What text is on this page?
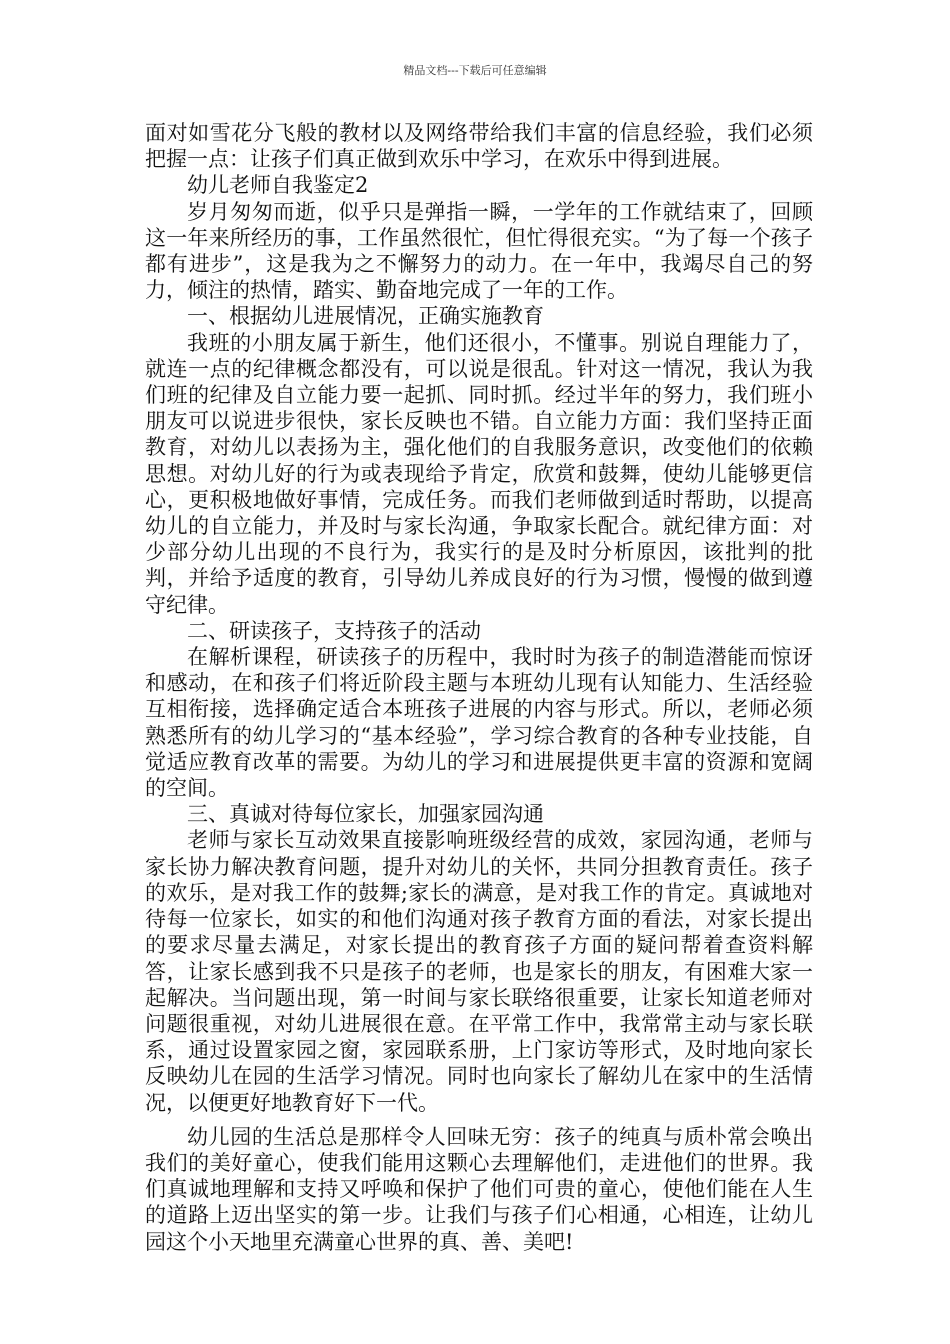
精品文档---下载后可任意编辑

面对如雪花分飞般的教材以及网络带给我们丰富的信息经验，我们必须把握一点：让孩子们真正做到欢乐中学习，在欢乐中得到进展。

幼儿老师自我鉴定2

岁月匆匆而逝，似乎只是弹指一瞬，一学年的工作就结束了，回顾这一年来所经历的事，工作虽然很忙，但忙得很充实。“为了每一个孩子都有进步”，这是我为之不懈努力的动力。在一年中，我竭尽自己的努力，倾注的热情，踏实、勤奋地完成了一年的工作。

一、根据幼儿进展情况，正确实施教育

我班的小朋友属于新生，他们还很小，不懂事。别说自理能力了，就连一点的纪律概念都没有，可以说是很乱。针对这一情况，我认为我们班的纪律及自立能力要一起抓、同时抓。经过半年的努力，我们班小朋友可以说进步很快，家长反映也不错。自立能力方面：我们坚持正面教育，对幼儿以表扬为主，强化他们的自我服务意识，改变他们的依赖思想。对幼儿好的行为或表现给予肯定，欣赏和鼓舞，使幼儿能够更信心，更积极地做好事情，完成任务。而我们老师做到适时帮助，以提高幼儿的自立能力，并及时与家长沟通，争取家长配合。就纪律方面：对少部分幼儿出现的不良行为，我实行的是及时分析原因，该批判的批判，并给予适度的教育，引导幼儿养成良好的行为习惯，慢慢的做到遵守纪律。

二、研读孩子，支持孩子的活动

在解析课程，研读孩子的历程中，我时时为孩子的制造潜能而惊讶和感动，在和孩子们将近阶段主题与本班幼儿现有认知能力、生活经验互相衔接，选择确定适合本班孩子进展的内容与形式。所以，老师必须熟悉所有的幼儿学习的“基本经验”，学习综合教育的各种专业技能，自觉适应教育改革的需要。为幼儿的学习和进展提供更丰富的资源和宽阔的空间。

三、真诚对待每位家长，加强家园沟通

老师与家长互动效果直接影响班级经营的成效，家园沟通，老师与家长协力解决教育问题，提升对幼儿的关怀，共同分担教育责任。孩子的欢乐，是对我工作的鼓舞;家长的满意，是对我工作的肯定。真诚地对待每一位家长，如实的和他们沟通对孩子教育方面的看法，对家长提出的要求尽量去满足，对家长提出的教育孩子方面的疑问帮着查资料解答，让家长感到我不只是孩子的老师，也是家长的朋友，有困难大家一起解决。当问题出现，第一时间与家长联络很重要，让家长知道老师对问题很重视，对幼儿进展很在意。在平常工作中，我常常主动与家长联系，通过设置家园之窗，家园联系册，上门家访等形式，及时地向家长反映幼儿在园的生活学习情况。同时也向家长了解幼儿在家中的生活情况，以便更好地教育好下一代。

幼儿园的生活总是那样令人回味无穷：孩子的纯真与质朴常会唤出我们的美好童心，使我们能用这颗心去理解他们，走进他们的世界。我们真诚地理解和支持又呼唤和保护了他们可贵的童心，使他们能在人生的道路上迈出坚实的第一步。让我们与孩子们心相通，心相连，让幼儿园这个小天地里充满童心世界的真、善、美吧!
